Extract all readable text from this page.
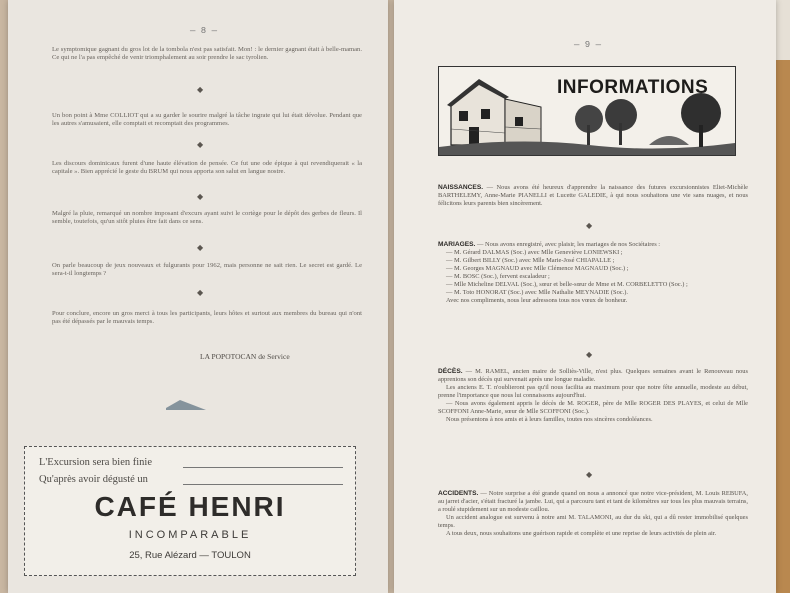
— 8 —
Le symptomique gagnant du gros lot de la tombola n'est pas satisfait. Mon! : le dernier gagnant était à belle-maman. Ce qui ne l'a pas empêché de venir triomphalement au soir prendre le sac tyrolien.
◆
Un bon point à Mme COLLIOT qui a su garder le sourire malgré la tâche ingrate qui lui était dévolue. Pendant que les autres s'amusaient, elle comptait et recomptait des programmes.
◆
Les discours dominicaux furent d'une haute élévation de pensée. Ce fut une ode épique à qui revendiquerait « la capitale ». Bien apprécié le geste du BRUM qui nous apporta son salut en langue nostre.
◆
Malgré la pluie, remarqué un nombre imposant d'excurs ayant suivi le cortège pour le dépôt des gerbes de fleurs. Il semble, toutefois, qu'un sitôt pluies être fait dans ce sens.
◆
On parle beaucoup de jeux nouveaux et fulgurants pour 1962, mais personne ne sait rien. Le secret est gardé. Le sera-t-il longtemps ?
◆
Pour conclure, encore un gros merci à tous les participants, leurs hôtes et surtout aux membres du bureau qui n'ont pas été dépassés par le mauvais temps.
LA POPOTOCAN de Service
L'Excursion sera bien finie
Qu'après avoir dégusté un
CAFÉ HENRI
INCOMPARABLE
25, Rue Alézard — TOULON
— 9 —
INFORMATIONS
NAISSANCES. — Nous avons été heureux d'apprendre la naissance des futures excursionnistes Eliet-Michèle BARTHELEMY, Anne-Marie PIANELLI et Lucette GALEDIE, à qui nous souhaitons une vie sans nuages, et nous félicitons leurs parents bien sincèrement.
◆
MARIAGES. — Nous avons enregistré, avec plaisir, les mariages de nos Sociétaires :
— M. Gérard DALMAS (Soc.) avec Mlle Geneviève LONIEWSKI ;
— M. Gilbert BILLY (Soc.) avec Mlle Marie-José CHIAPALLE ;
— M. Georges MAGNAUD avec Mlle Clémence MAGNAUD (Soc.) ;
— M. BOSC (Soc.), fervent escaladeur ;
— Mlle Micheline DELVAL (Soc.), sœur et belle-sœur de Mme et M. CORBELETTO (Soc.) ;
— M. Toto HONORAT (Soc.) avec Mlle Nathalie MEYNADIE (Soc.).
Avec nos compliments, nous leur adressons tous nos vœux de bonheur.
◆
DÉCÈS. — M. RAMEL, ancien maire de Solliès-Ville, n'est plus. Quelques semaines avant le Renouveau nous apprenions son décès qui survenait après une longue maladie.
Les anciens E. T. n'oublieront pas qu'il nous facilita au maximum pour que notre fête annuelle, modeste au début, prenne l'importance que nous lui connaissons aujourd'hui.
— Nous avons également appris le décès de M. ROGER, père de Mlle ROGER DES PLAYES, et celui de Mlle SCOFFONI Anne-Marie, sœur de Mlle SCOFFONI (Soc.).
Nous présentons à nos amis et à leurs familles, toutes nos sincères condoléances.
◆
ACCIDENTS. — Notre surprise a été grande quand on nous a annoncé que notre vice-président, M. Louis REBUFA, au jarret d'acier, s'était fracturé la jambe. Lui, qui a parcouru tant et tant de kilomètres sur tous les plus mauvais terrains, a roulé stupidement sur un modeste caillou.
Un accident analogue est survenu à notre ami M. TALAMONI, au dur du ski, qui a dû rester immobilisé quelques temps.
A tous deux, nous souhaitons une guérison rapide et complète et une reprise de leurs activités de plein air.
